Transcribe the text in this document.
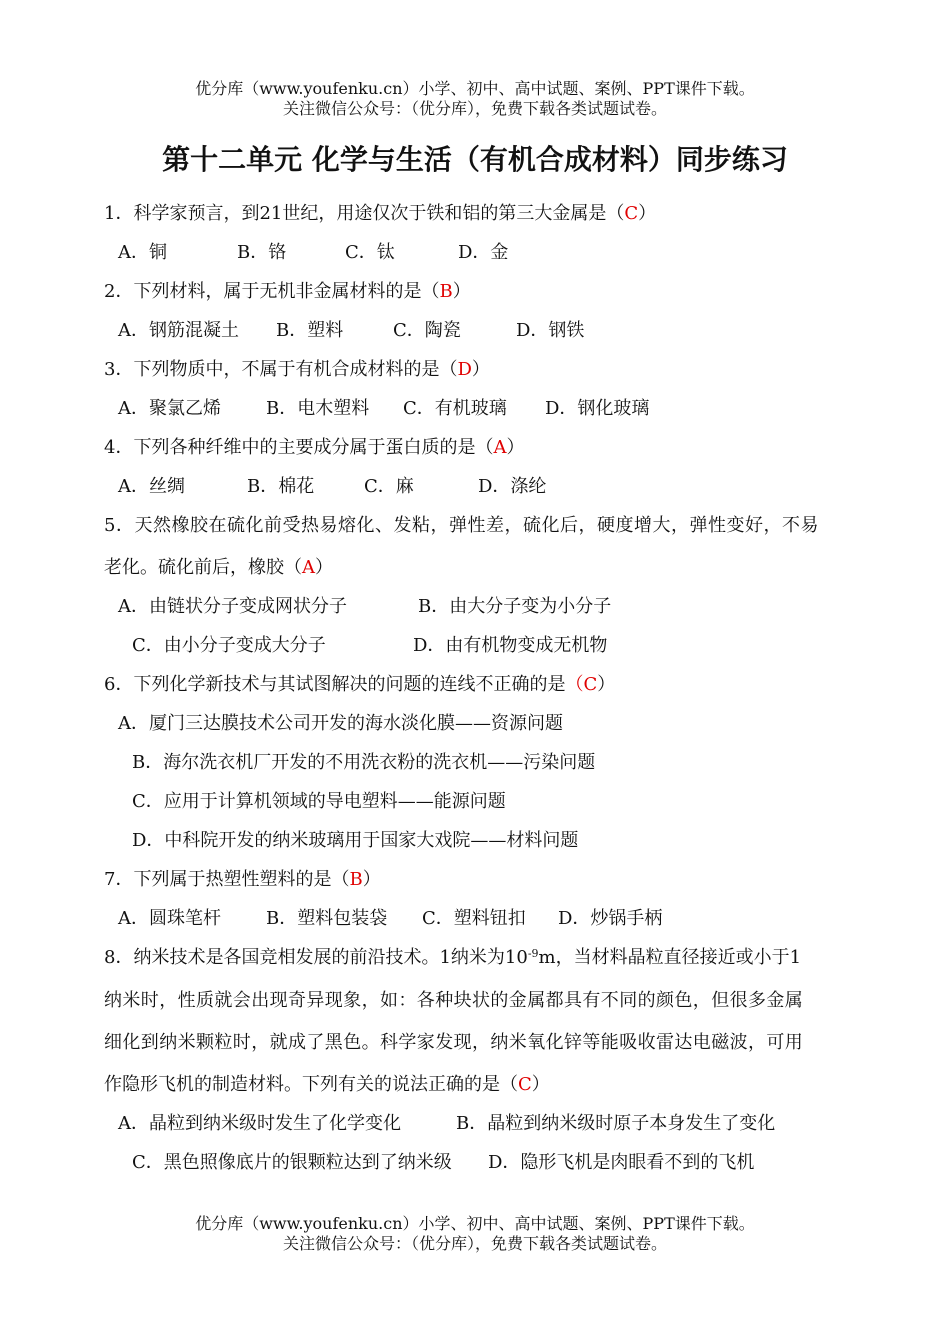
优分库（www.youfenku.cn）小学、初中、高中试题、案例、PPT课件下载。
关注微信公众号：（优分库），免费下载各类试题试卷。
第十二单元 化学与生活（有机合成材料）同步练习
1．科学家预言，到21世纪，用途仅次于铁和铝的第三大金属是（C）
A．铜	B．铬	C．钛	D．金
2．下列材料，属于无机非金属材料的是（B）
A．钢筋混凝土 B．塑料	C．陶瓷	D．钢铁
3．下列物质中，不属于有机合成材料的是（D）
A．聚氯乙烯	B．电木塑料 C．有机玻璃 D．钢化玻璃
4．下列各种纤维中的主要成分属于蛋白质的是（A）
A．丝绸	B．棉花	C．麻	D．涤纶
5．天然橡胶在硫化前受热易熔化、发粘，弹性差，硫化后，硬度增大，弹性变好，不易
老化。硫化前后，橡胶（A）
A．由链状分子变成网状分子	B．由大分子变为小分子
C．由小分子变成大分子	D．由有机物变成无机物
6．下列化学新技术与其试图解决的问题的连线不正确的是（C）
A．厦门三达膜技术公司开发的海水淡化膜——资源问题
B．海尔洗衣机厂开发的不用洗衣粉的洗衣机——污染问题
C．应用于计算机领域的导电塑料——能源问题
D．中科院开发的纳米玻璃用于国家大戏院——材料问题
7．下列属于热塑性塑料的是（B）
A．圆珠笔杆	B．塑料包装袋 C．塑料钮扣 D．炒锅手柄
8．纳米技术是各国竞相发展的前沿技术。1纳米为$10^{-9}m$，当材料晶粒直径接近或小于1
纳米时，性质就会出现奇异现象，如：各种块状的金属都具有不同的颜色，但很多金属
细化到纳米颗粒时，就成了黑色。科学家发现，纳米氧化锌等能吸收雷达电磁波，可用
作隐形飞机的制造材料。下列有关的说法正确的是（C）
A．晶粒到纳米级时发生了化学变化	B．晶粒到纳米级时原子本身发生了变化
C．黑色照像底片的银颗粒达到了纳米级 D．隐形飞机是肉眼看不到的飞机
优分库（www.youfenku.cn）小学、初中、高中试题、案例、PPT课件下载。
关注微信公众号：（优分库），免费下载各类试题试卷。
